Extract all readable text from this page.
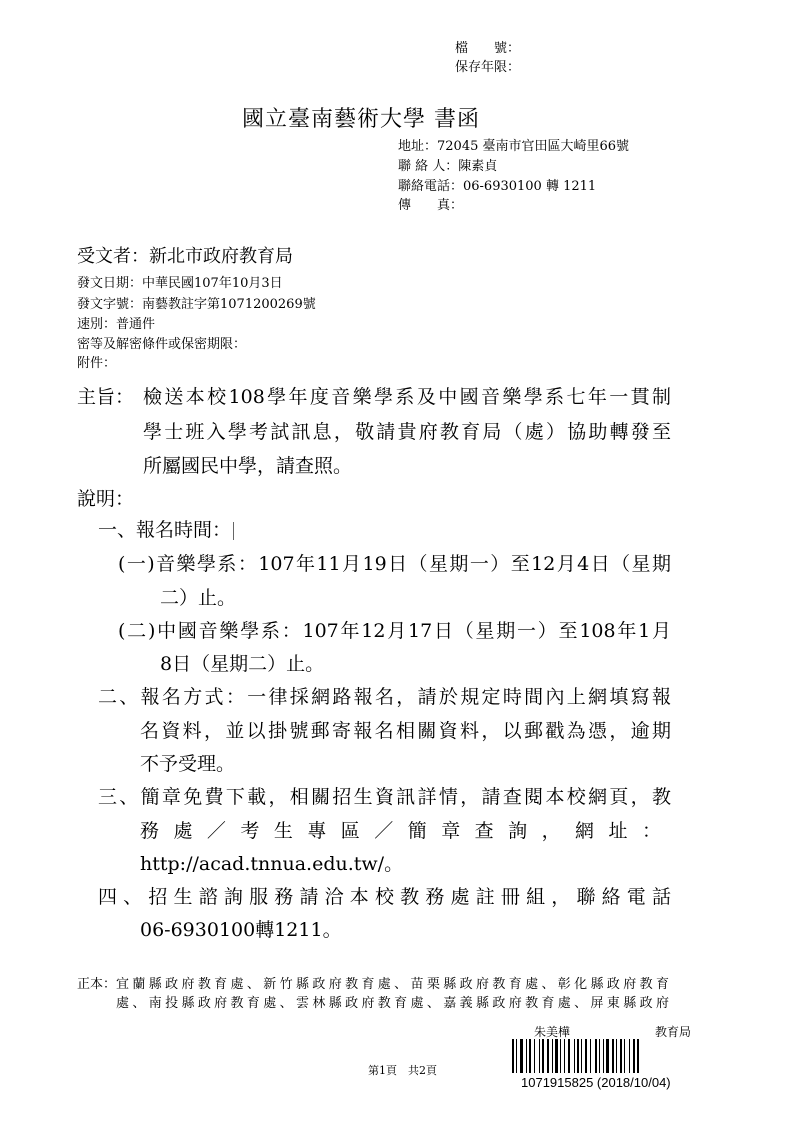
檔　　號：
保存年限：
國立臺南藝術大學 書函
地址：72045 臺南市官田區大崎里66號
聯 絡 人：陳素貞
聯絡電話：06-6930100 轉 1211
傳　　真：
受文者：新北市政府教育局
發文日期：中華民國107年10月3日
發文字號：南藝教註字第1071200269號
速別：普通件
密等及解密條件或保密期限：
附件：
主旨： 檢送本校108學年度音樂學系及中國音樂學系七年一貫制
學士班入學考試訊息，敬請貴府教育局（處）協助轉發至
所屬國民中學，請查照。
說明：
一、報名時間：
(一)音樂學系：107年11月19日（星期一）至12月4日（星期
二）止。
(二)中國音樂學系：107年12月17日（星期一）至108年1月
8日（星期二）止。
二、報名方式：一律採網路報名，請於規定時間內上網填寫報
名資料，並以掛號郵寄報名相關資料，以郵戳為憑，逾期
不予受理。
三、簡章免費下載，相關招生資訊詳情，請查閱本校網頁，教
務處／考生專區／簡章查詢，網址：
http://acad.tnnua.edu.tw/。
四、招生諮詢服務請洽本校教務處註冊組，聯絡電話
06-6930100轉1211。
正本： 宜蘭縣政府教育處、新竹縣政府教育處、苗栗縣政府教育處、彰化縣政府教育
處、南投縣政府教育處、雲林縣政府教育處、嘉義縣政府教育處、屏東縣政府
第1頁　共2頁
朱美樺	教育局
1071915825 (2018/10/04)
